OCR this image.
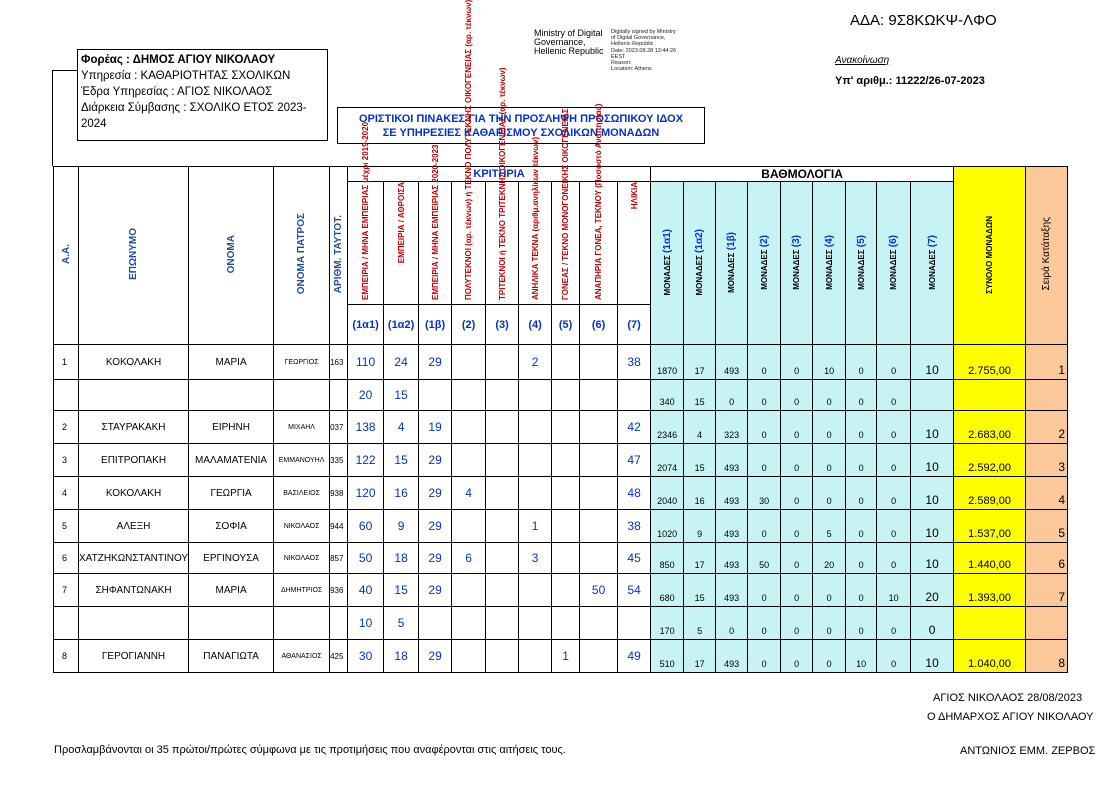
ΑΔΑ: 9Σ8ΚΩΚΨ-ΛΦΟ
Ministry of Digital
Governance,
Hellenic Republic
Digitally signed by Ministry
of Digital Governance,
Hellenic Republic
Date: 2023.08.28 13:44:26
EEST
Reason:
Location: Athens
Ανακοίνωση
Υπ' αριθμ.: 11222/26-07-2023
Φορέας : ΔΗΜΟΣ ΑΓΙΟΥ ΝΙΚΟΛΑΟΥ
Υπηρεσία : ΚΑΘΑΡΙΟΤΗΤΑΣ ΣΧΟΛΙΚΩΝ
Έδρα Υπηρεσίας : ΑΓΙΟΣ ΝΙΚΟΛΑΟΣ
Διάρκεια Σύμβασης : ΣΧΟΛΙΚΟ ΕΤΟΣ 2023-
2024	ΟΡΙΣΤΙΚΟΙ ΠΙΝΑΚΕΣ ΓΙΑ ΤΗΝ ΠΡΟΣΛΗΨΗ ΠΡΟΣΩΠΙΚΟΥ ΙΔΟΧ
ΣΕ ΥΠΗΡΕΣΙΕΣ ΚΑΘΑΡΙΣΜΟΥ ΣΧΟΛΙΚΩΝ ΜΟΝΑΔΩΝ
Α.Α.	ΕΠΩΝΥΜΟ	ΟΝΟΜΑ	ΟΝΟΜΑ ΠΑΤΡΟΣ	ΑΡΙΘΜ. ΤΑΥΤΟΤ.	ΚΡΙΤΗΡΙΑ									ΒΑΘΜΟΛΟΓΙΑ									ΣΥΝΟΛΟ ΜΟΝΑΔΩΝ	Σειρά Κατάταξης
					ΕΜΠΕΙΡΙΑ / ΜΗΝΑ ΕΜΠΕΙΡΙΑΣ μέχρι 2019-2020	ΕΜΠΕΙΡΙΑ / ΑΘΡΟΙΣΑ	ΕΜΠΕΙΡΙΑ / ΜΗΝΑ ΕΜΠΕΙΡΙΑΣ 2020-2023	ΠΟΛΥΤΕΚΝΟΙ (αρ. τέκνων) ή ΤΕΚΝΟ ΠΟΛΥΤΕΚΝΗΣ ΟΙΚΟΓΕΝΕΙΑΣ (αρ. τέκνων)	ΤΡΙΤΕΚΝΟΙ ή ΤΕΚΝΟ ΤΡΙΤΕΚΝΗΣ ΟΙΚΟΓΕΝΕΙΑΣ (αρ. τέκνων)	ΑΝΗΛΙΚΑ ΤΕΚΝΑ (αριθμ.ανηλίκων τέκνων)	ΓΟΝΕΑΣ / ΤΕΚΝΟ ΜΟΝΟΓΟΝΕΙΚΗΣ ΟΙΚΟΓΕΝΕΙΑΣ	ΑΝΑΠΗΡΙΑ ΓΟΝΕΑ, ΤΕΚΝΟΥ (Ποσοστό Αναπηρίας)	ΗΛΙΚΙΑ	ΜΟΝΑΔΕΣ (1α1)	ΜΟΝΑΔΕΣ (1α2)	ΜΟΝΑΔΕΣ (1β)	ΜΟΝΑΔΕΣ (2)	ΜΟΝΑΔΕΣ (3)	ΜΟΝΑΔΕΣ (4)	ΜΟΝΑΔΕΣ (5)	ΜΟΝΑΔΕΣ (6)	ΜΟΝΑΔΕΣ (7)		
					(1α1)	(1α2)	(1β)	(2)	(3)	(4)	(5)	(6)	(7)											
1	ΚΟΚΟΛΑΚΗ	ΜΑΡΙΑ	ΓΕΩΡΓΙΟΣ	163	110	24	29			2			38	1870	17	493	0	0	10	0	0	10	2.755,00	1
					20	15								340	15	0	0	0	0	0	0			
2	ΣΤΑΥΡΑΚΑΚΗ	ΕΙΡΗΝΗ	ΜΙΧΑΗΛ	037	138	4	19						42	2346	4	323	0	0	0	0	0	10	2.683,00	2
3	ΕΠΙΤΡΟΠΑΚΗ	ΜΑΛΑΜΑΤΕΝΙΑ	ΕΜΜΑΝΟΥΗΛ	335	122	15	29						47	2074	15	493	0	0	0	0	0	10	2.592,00	3
4	ΚΟΚΟΛΑΚΗ	ΓΕΩΡΓΙΑ	ΒΑΣΙΛΕΙΟΣ	938	120	16	29	4					48	2040	16	493	30	0	0	0	0	10	2.589,00	4
5	ΑΛΕΞΗ	ΣΟΦΙΑ	ΝΙΚΟΛΑΟΣ	944	60	9	29			1			38	1020	9	493	0	0	5	0	0	10	1.537,00	5
6	ΧΑΤΖΗΚΩΝΣΤΑΝΤΙΝΟΥ	ΕΡΓΙΝΟΥΣΑ	ΝΙΚΟΛΑΟΣ	857	50	18	29	6		3			45	850	17	493	50	0	20	0	0	10	1.440,00	6
7	ΣΗΦΑΝΤΩΝΑΚΗ	ΜΑΡΙΑ	ΔΗΜΗΤΡΙΟΣ	936	40	15	29					50	54	680	15	493	0	0	0	0	10	20	1.393,00	7
					10	5								170	5	0	0	0	0	0	0	0		
8	ΓΕΡΟΓΙΑΝΝΗ	ΠΑΝΑΓΙΩΤΑ	ΑΘΑΝΑΣΙΟΣ	425	30	18	29				1		49	510	17	493	0	0	0	10	0	10	1.040,00	8
ΑΓΙΟΣ ΝΙΚΟΛΑΟΣ 28/08/2023
Ο ΔΗΜΑΡΧΟΣ ΑΓΙΟΥ ΝΙΚΟΛΑΟΥ
Προσλαμβάνονται οι 35 πρώτοι/πρώτες σύμφωνα με τις προτιμήσεις που αναφέρονται στις αιτήσεις τους.	ΑΝΤΩΝΙΟΣ ΕΜΜ. ΖΕΡΒΟΣ
